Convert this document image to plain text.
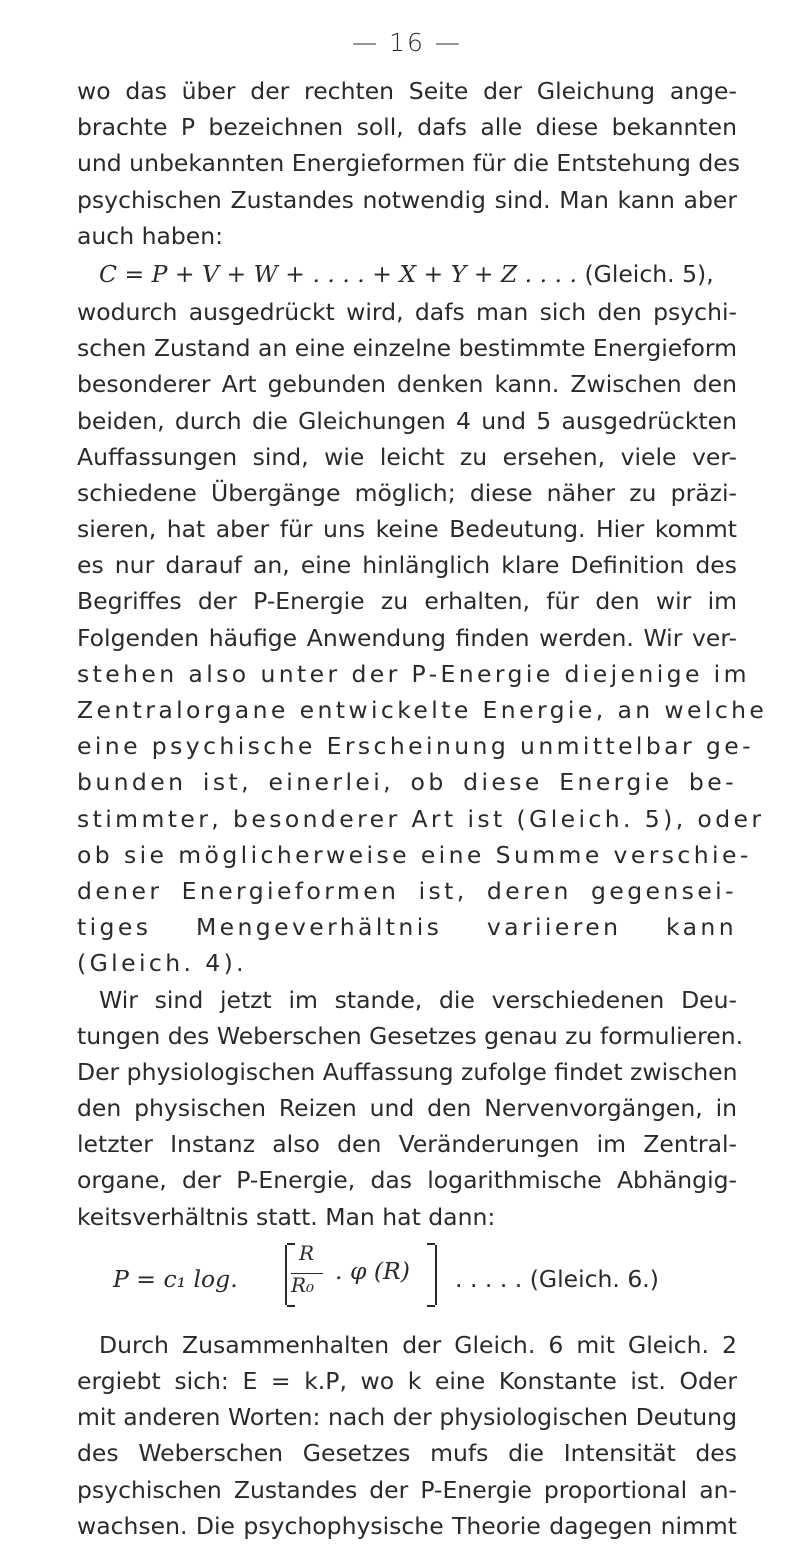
— 16 —
wo das über der rechten Seite der Gleichung ange-
brachte P bezeichnen soll, dafs alle diese bekannten
und unbekannten Energieformen für die Entstehung des
psychischen Zustandes notwendig sind. Man kann aber
auch haben:
C = P + V + W + . . . . + X + Y + Z . . . . (Gleich. 5),
wodurch ausgedrückt wird, dafs man sich den psychi-
schen Zustand an eine einzelne bestimmte Energieform
besonderer Art gebunden denken kann. Zwischen den
beiden, durch die Gleichungen 4 und 5 ausgedrückten
Auffassungen sind, wie leicht zu ersehen, viele ver-
schiedene Übergänge möglich; diese näher zu präzi-
sieren, hat aber für uns keine Bedeutung. Hier kommt
es nur darauf an, eine hinlänglich klare Definition des
Begriffes der P-Energie zu erhalten, für den wir im
Folgenden häufige Anwendung finden werden. Wir ver-
stehen also unter der P-Energie diejenige im
Zentralorgane entwickelte Energie, an welche
eine psychische Erscheinung unmittelbar ge-
bunden ist, einerlei, ob diese Energie be-
stimmter, besonderer Art ist (Gleich. 5), oder
ob sie möglicherweise eine Summe verschie-
dener Energieformen ist, deren gegensei-
tiges Mengeverhältnis variieren kann
(Gleich. 4).
Wir sind jetzt im stande, die verschiedenen Deu-
tungen des Weberschen Gesetzes genau zu formulieren.
Der physiologischen Auffassung zufolge findet zwischen
den physischen Reizen und den Nervenvorgängen, in
letzter Instanz also den Veränderungen im Zentral-
organe, der P-Energie, das logarithmische Abhängig-
keitsverhältnis statt. Man hat dann:
P = c₁ log.
R
R₀ . φ (R) . . . . . (Gleich. 6.)
Durch Zusammenhalten der Gleich. 6 mit Gleich. 2
ergiebt sich: E = k.P, wo k eine Konstante ist. Oder
mit anderen Worten: nach der physiologischen Deutung
des Weberschen Gesetzes mufs die Intensität des
psychischen Zustandes der P-Energie proportional an-
wachsen. Die psychophysische Theorie dagegen nimmt
